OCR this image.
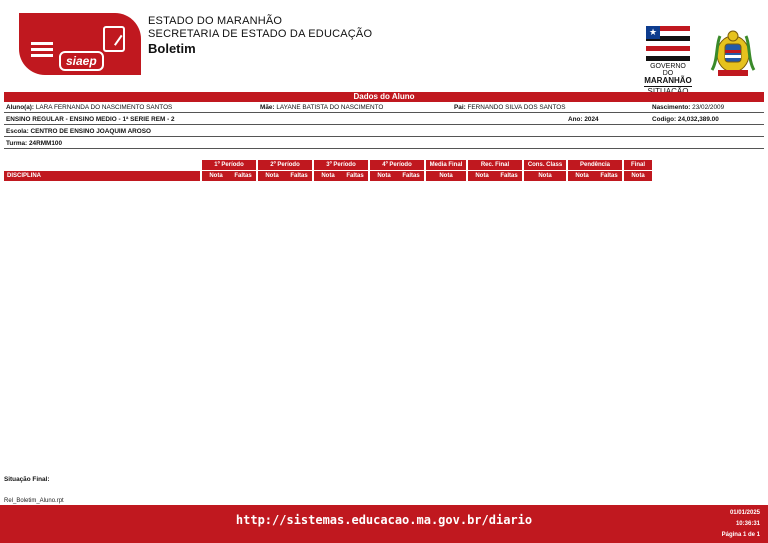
siaep
ESTADO DO MARANHÃO
SECRETARIA DE ESTADO DA EDUCAÇÃO
Boletim
★
GOVERNO DO
MARANHÃO
Dados do Aluno
Aluno(a): LARA FERNANDA DO NASCIMENTO SANTOS	Mãe: LAYANE BATISTA DO NASCIMENTO	Pai: FERNANDO SILVA DOS SANTOS	Nascimento: 23/02/2009
ENSINO REGULAR - ENSINO MEDIO - 1ª SERIE REM - 2	Ano: 2024	Codigo: 24,032,389.00
Escola: CENTRO DE ENSINO JOAQUIM AROSO
Turma: 24RMM100
1º Período	2º Período	3º Período	4º Período	Media Final	Rec. Final	Cons. Class	Pendência	Final
DISCIPLINA	Nota	Faltas	Nota	Faltas	Nota	Faltas	Nota	Faltas	Nota	Nota	Faltas	Nota	Nota	Faltas	Nota
Situação Final:
Rel_Boletim_Aluno.rpt
http://sistemas.educacao.ma.gov.br/diario	01/01/2025
10:36:31
Página 1 de 1
